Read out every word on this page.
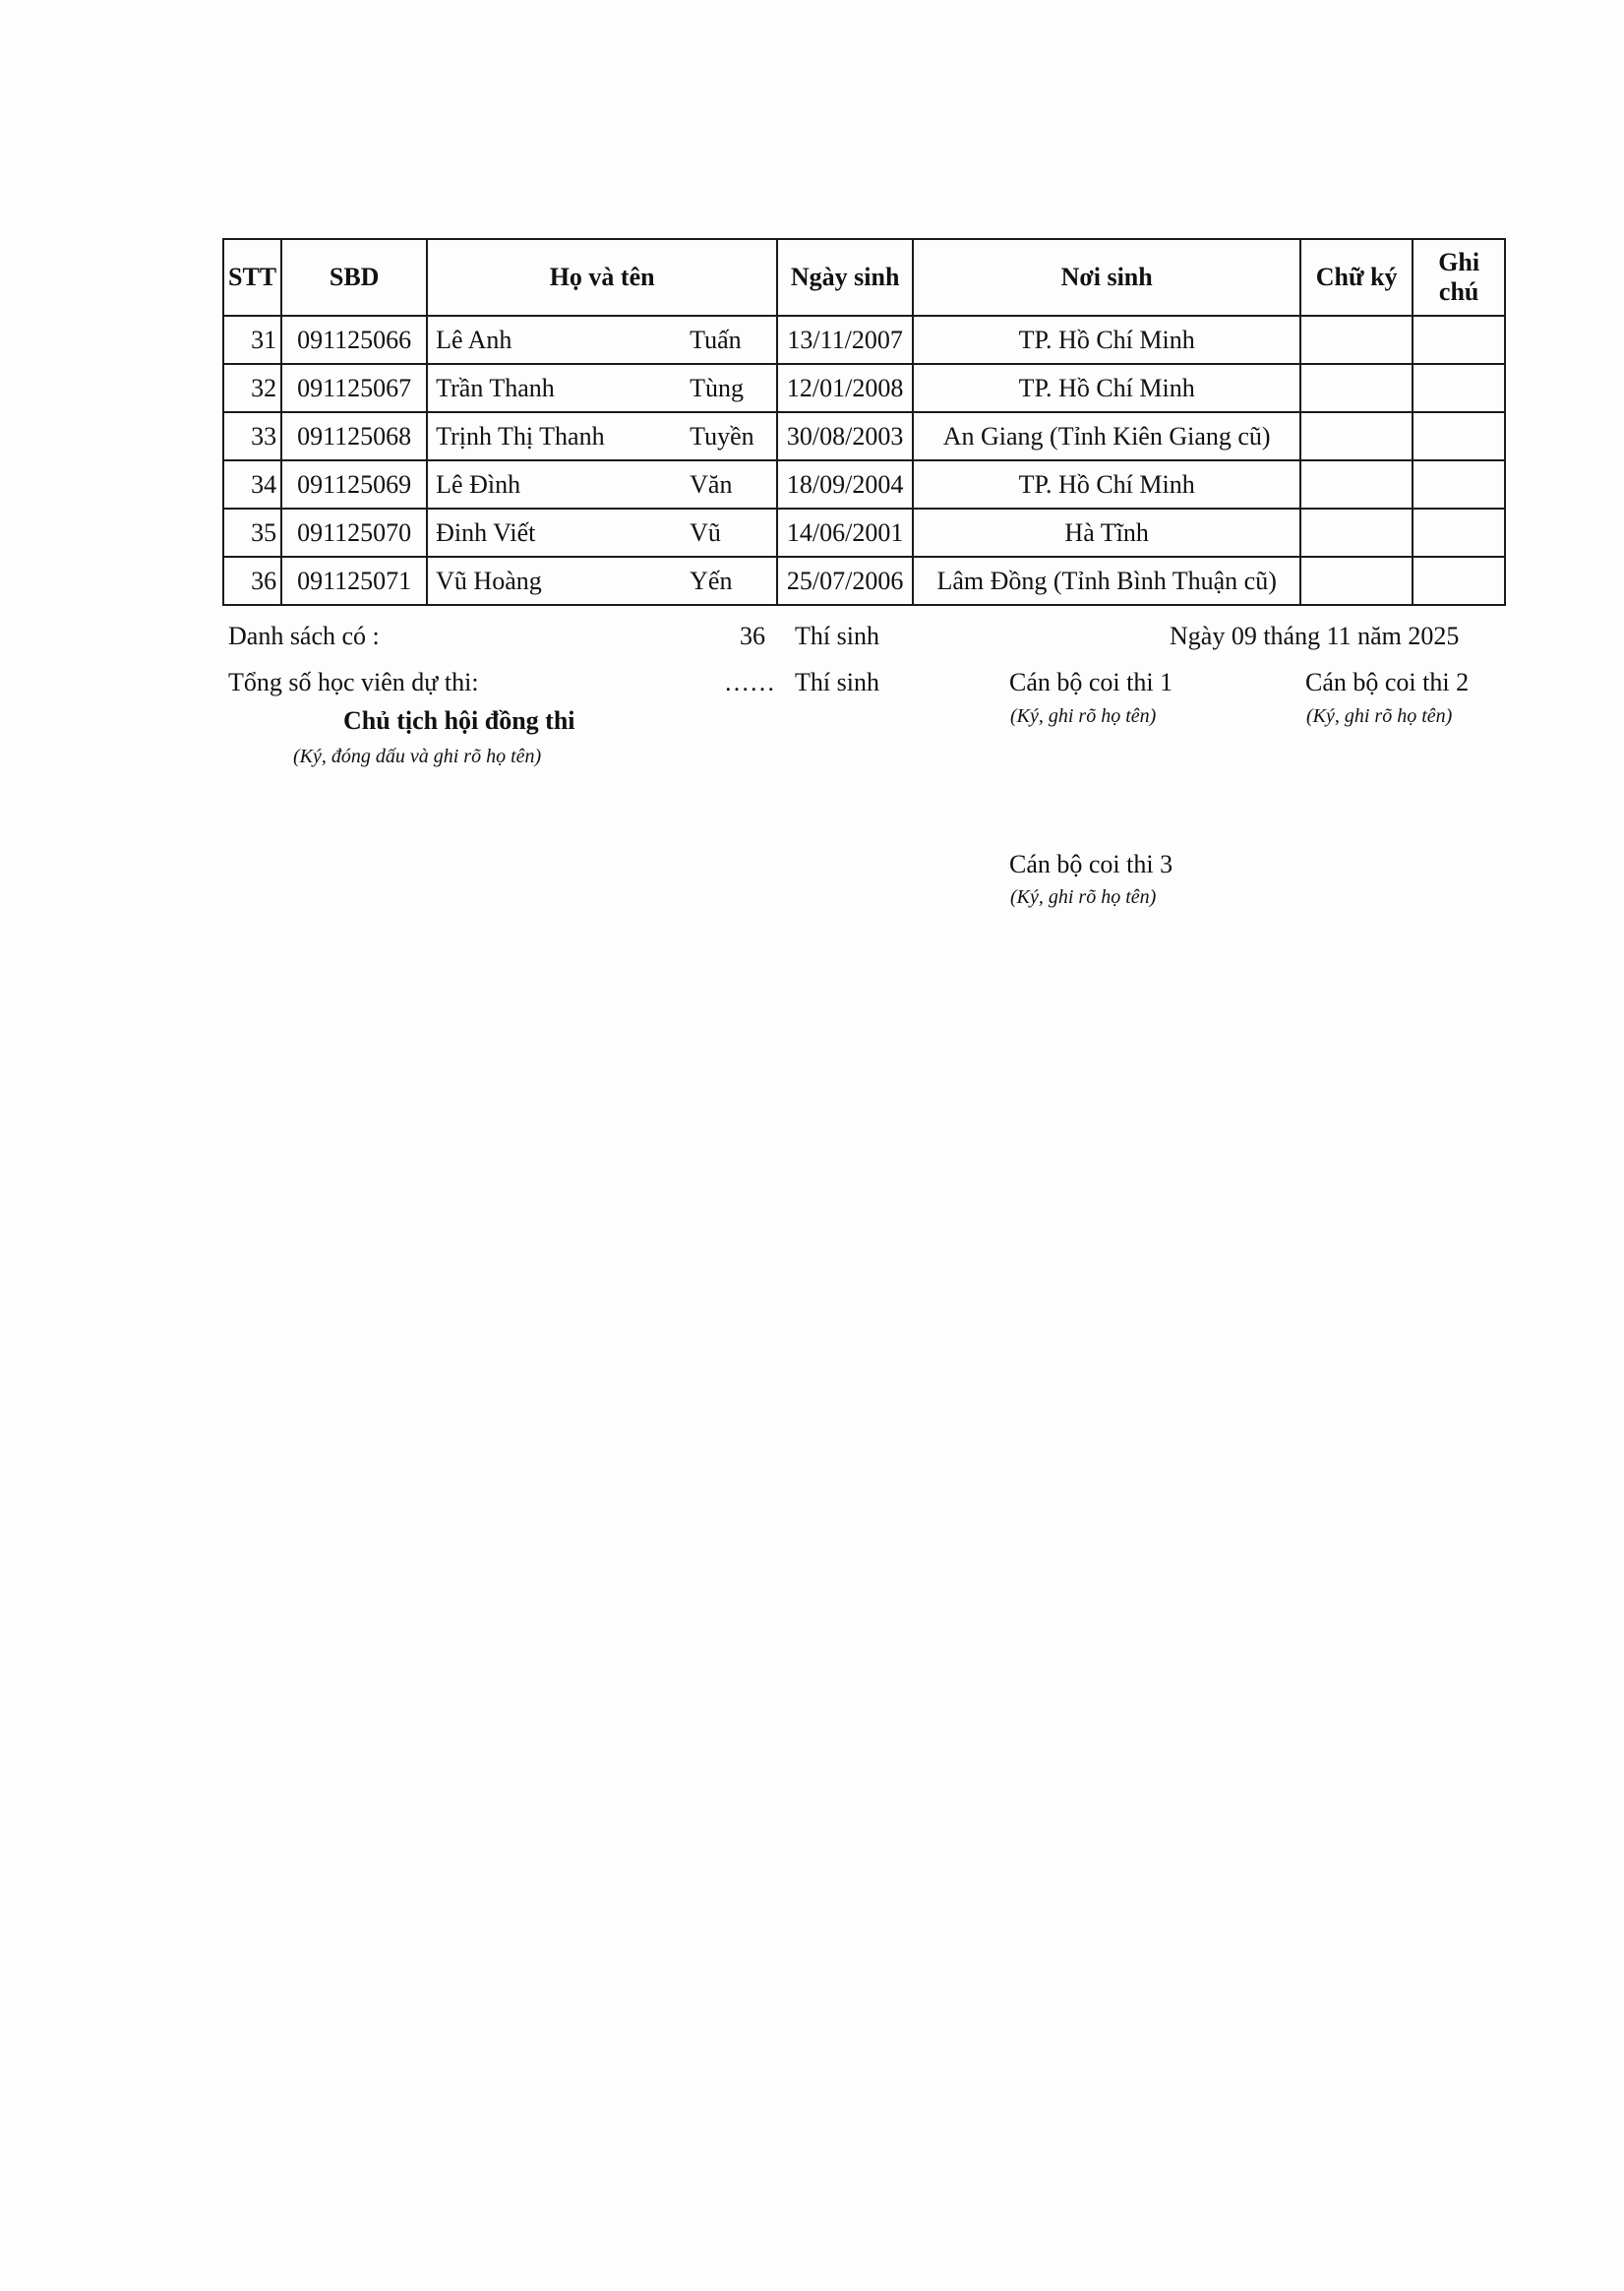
STT	SBD	Họ và tên	Ngày sinh	Nơi sinh	Chữ ký	Ghi
chú
31	091125066	Lê Anh Tuấn	13/11/2007	TP. Hồ Chí Minh		
32	091125067	Trần Thanh Tùng	12/01/2008	TP. Hồ Chí Minh		
33	091125068	Trịnh Thị Thanh Tuyền	30/08/2003	An Giang (Tỉnh Kiên Giang cũ)		
34	091125069	Lê Đình Văn	18/09/2004	TP. Hồ Chí Minh		
35	091125070	Đinh Viết Vũ	14/06/2001	Hà Tĩnh		
36	091125071	Vũ Hoàng Yến	25/07/2006	Lâm Đồng (Tỉnh Bình Thuận cũ)		
Danh sách có :	36 Thí sinh	Ngày 09 tháng 11 năm 2025
Tổng số học viên dự thi:	…… Thí sinh
Chủ tịch hội đồng thi
(Ký, đóng dấu và ghi rõ họ tên)
Cán bộ coi thi 1
(Ký, ghi rõ họ tên)
Cán bộ coi thi 2
(Ký, ghi rõ họ tên)
Cán bộ coi thi 3
(Ký, ghi rõ họ tên)
